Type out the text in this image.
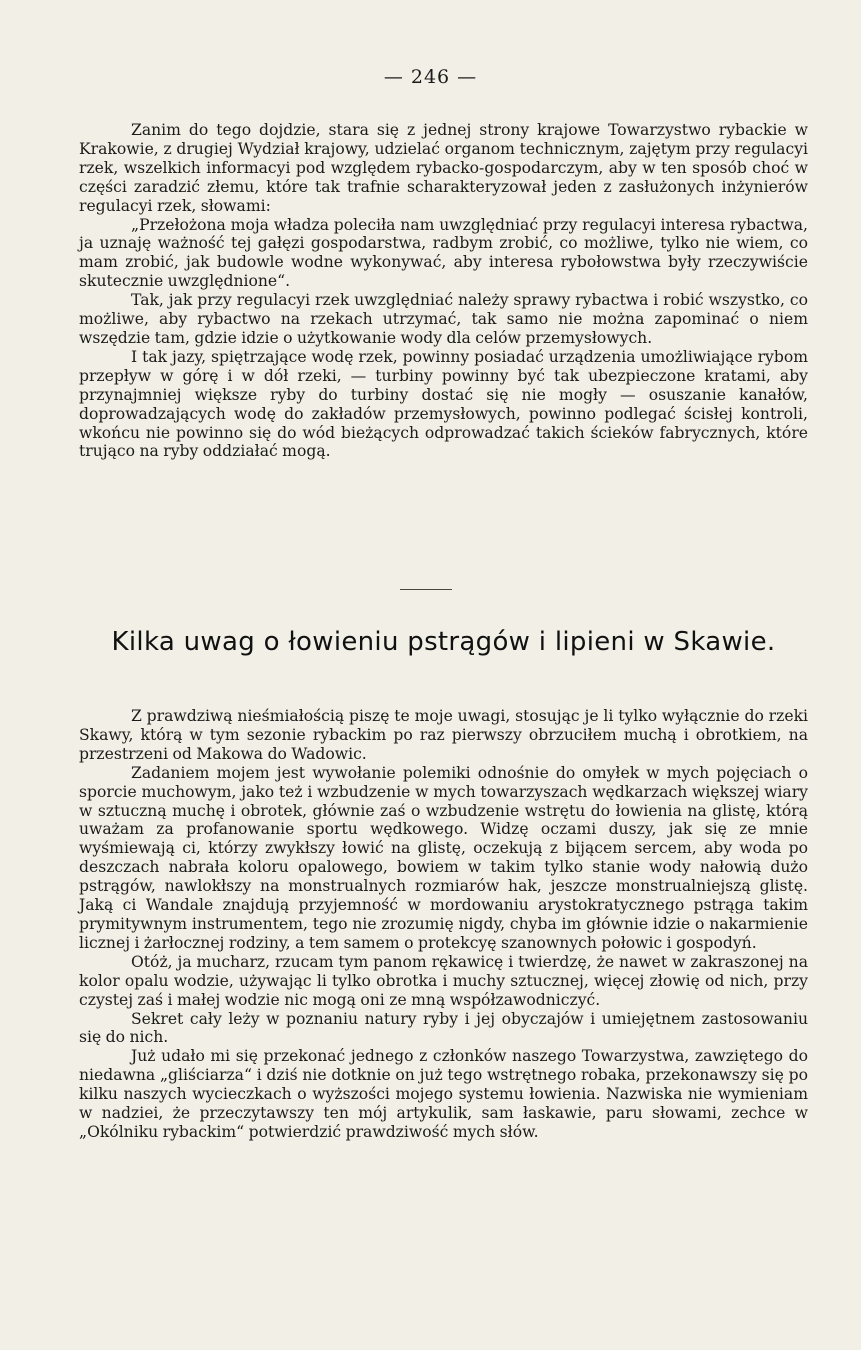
— 246 —

Zanim do tego dojdzie, stara się z jednej strony krajowe Towarzystwo rybackie w Krakowie, z drugiej Wydział krajowy, udzielać organom technicznym, zajętym przy regulacyi rzek, wszelkich informacyi pod względem rybacko-gospodarczym, aby w ten sposób choć w części zaradzić złemu, które tak trafnie scharakteryzował jeden z zasłużonych inżynierów regulacyi rzek, słowami:

„Przełożona moja władza poleciła nam uwzględniać przy regulacyi interesa rybactwa, ja uznaję ważność tej gałęzi gospodarstwa, radbym zrobić, co możliwe, tylko nie wiem, co mam zrobić, jak budowle wodne wykonywać, aby interesa rybołowstwa były rzeczywiście skutecznie uwzględnione“.

Tak, jak przy regulacyi rzek uwzględniać należy sprawy rybactwa i robić wszystko, co możliwe, aby rybactwo na rzekach utrzymać, tak samo nie można zapominać o niem wszędzie tam, gdzie idzie o użytkowanie wody dla celów przemysłowych.

I tak jazy, spiętrzające wodę rzek, powinny posiadać urządzenia umożliwiające rybom przepływ w górę i w dół rzeki, — turbiny powinny być tak ubezpieczone kratami, aby przynajmniej większe ryby do turbiny dostać się nie mogły — osuszanie kanałów, doprowadzających wodę do zakładów przemysłowych, powinno podlegać ścisłej kontroli, wkońcu nie powinno się do wód bieżących odprowadzać takich ścieków fabrycznych, które trująco na ryby oddziałać mogą.

Kilka uwag o łowieniu pstrągów i lipieni w Skawie.

Z prawdziwą nieśmiałością piszę te moje uwagi, stosując je li tylko wyłącznie do rzeki Skawy, którą w tym sezonie rybackim po raz pierwszy obrzuciłem muchą i obrotkiem, na przestrzeni od Makowa do Wadowic.

Zadaniem mojem jest wywołanie polemiki odnośnie do omyłek w mych pojęciach o sporcie muchowym, jako też i wzbudzenie w mych towarzyszach wędkarzach większej wiary w sztuczną muchę i obrotek, głównie zaś o wzbudzenie wstrętu do łowienia na glistę, którą uważam za profanowanie sportu wędkowego. Widzę oczami duszy, jak się ze mnie wyśmiewają ci, którzy zwykłszy łowić na glistę, oczekują z bijącem sercem, aby woda po deszczach nabrała koloru opalowego, bowiem w takim tylko stanie wody nałowią dużo pstrągów, nawlokłszy na monstrualnych rozmiarów hak, jeszcze monstrualniejszą glistę. Jaką ci Wandale znajdują przyjemność w mordowaniu arystokratycznego pstrąga takim prymitywnym instrumentem, tego nie zrozumię nigdy, chyba im głównie idzie o nakarmienie licznej i żarłocznej rodziny, a tem samem o protekcyę szanownych połowic i gospodyń.

Otóż, ja mucharz, rzucam tym panom rękawicę i twierdzę, że nawet w zakraszonej na kolor opalu wodzie, używając li tylko obrotka i muchy sztucznej, więcej złowię od nich, przy czystej zaś i małej wodzie nic mogą oni ze mną współzawodniczyć.

Sekret cały leży w poznaniu natury ryby i jej obyczajów i umiejętnem zastosowaniu się do nich.

Już udało mi się przekonać jednego z członków naszego Towarzystwa, zawziętego do niedawna „gliściarza“ i dziś nie dotknie on już tego wstrętnego robaka, przekonawszy się po kilku naszych wycieczkach o wyższości mojego systemu łowienia. Nazwiska nie wymieniam w nadziei, że przeczytawszy ten mój artykulik, sam łaskawie, paru słowami, zechce w „Okólniku rybackim“ potwierdzić prawdziwość mych słów.
